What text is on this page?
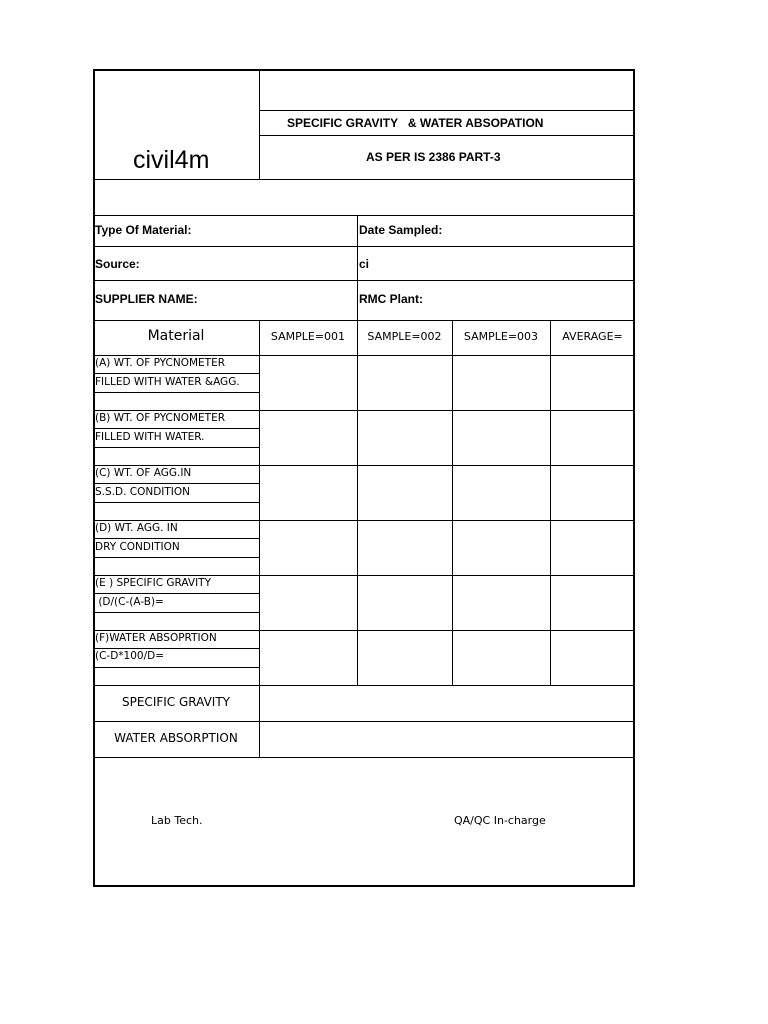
civil4m
SPECIFIC GRAVITY   & WATER ABSOPATION
AS PER IS 2386 PART-3
Type Of Material:	Date Sampled:
Source:	ci
SUPPLIER NAME:	RMC Plant:
Material	SAMPLE=001	SAMPLE=002	SAMPLE=003	AVERAGE=
(A) WT. OF PYCNOMETER
FILLED WITH WATER &AGG.
(B) WT. OF PYCNOMETER
FILLED WITH WATER.
(C) WT. OF AGG.IN
S.S.D. CONDITION
(D) WT. AGG. IN
DRY CONDITION
(E ) SPECIFIC GRAVITY
(D/(C-(A-B)=
(F)WATER ABSOPRTION
(C-D*100/D=
SPECIFIC GRAVITY
WATER ABSORPTION
Lab Tech.	QA/QC In-charge
